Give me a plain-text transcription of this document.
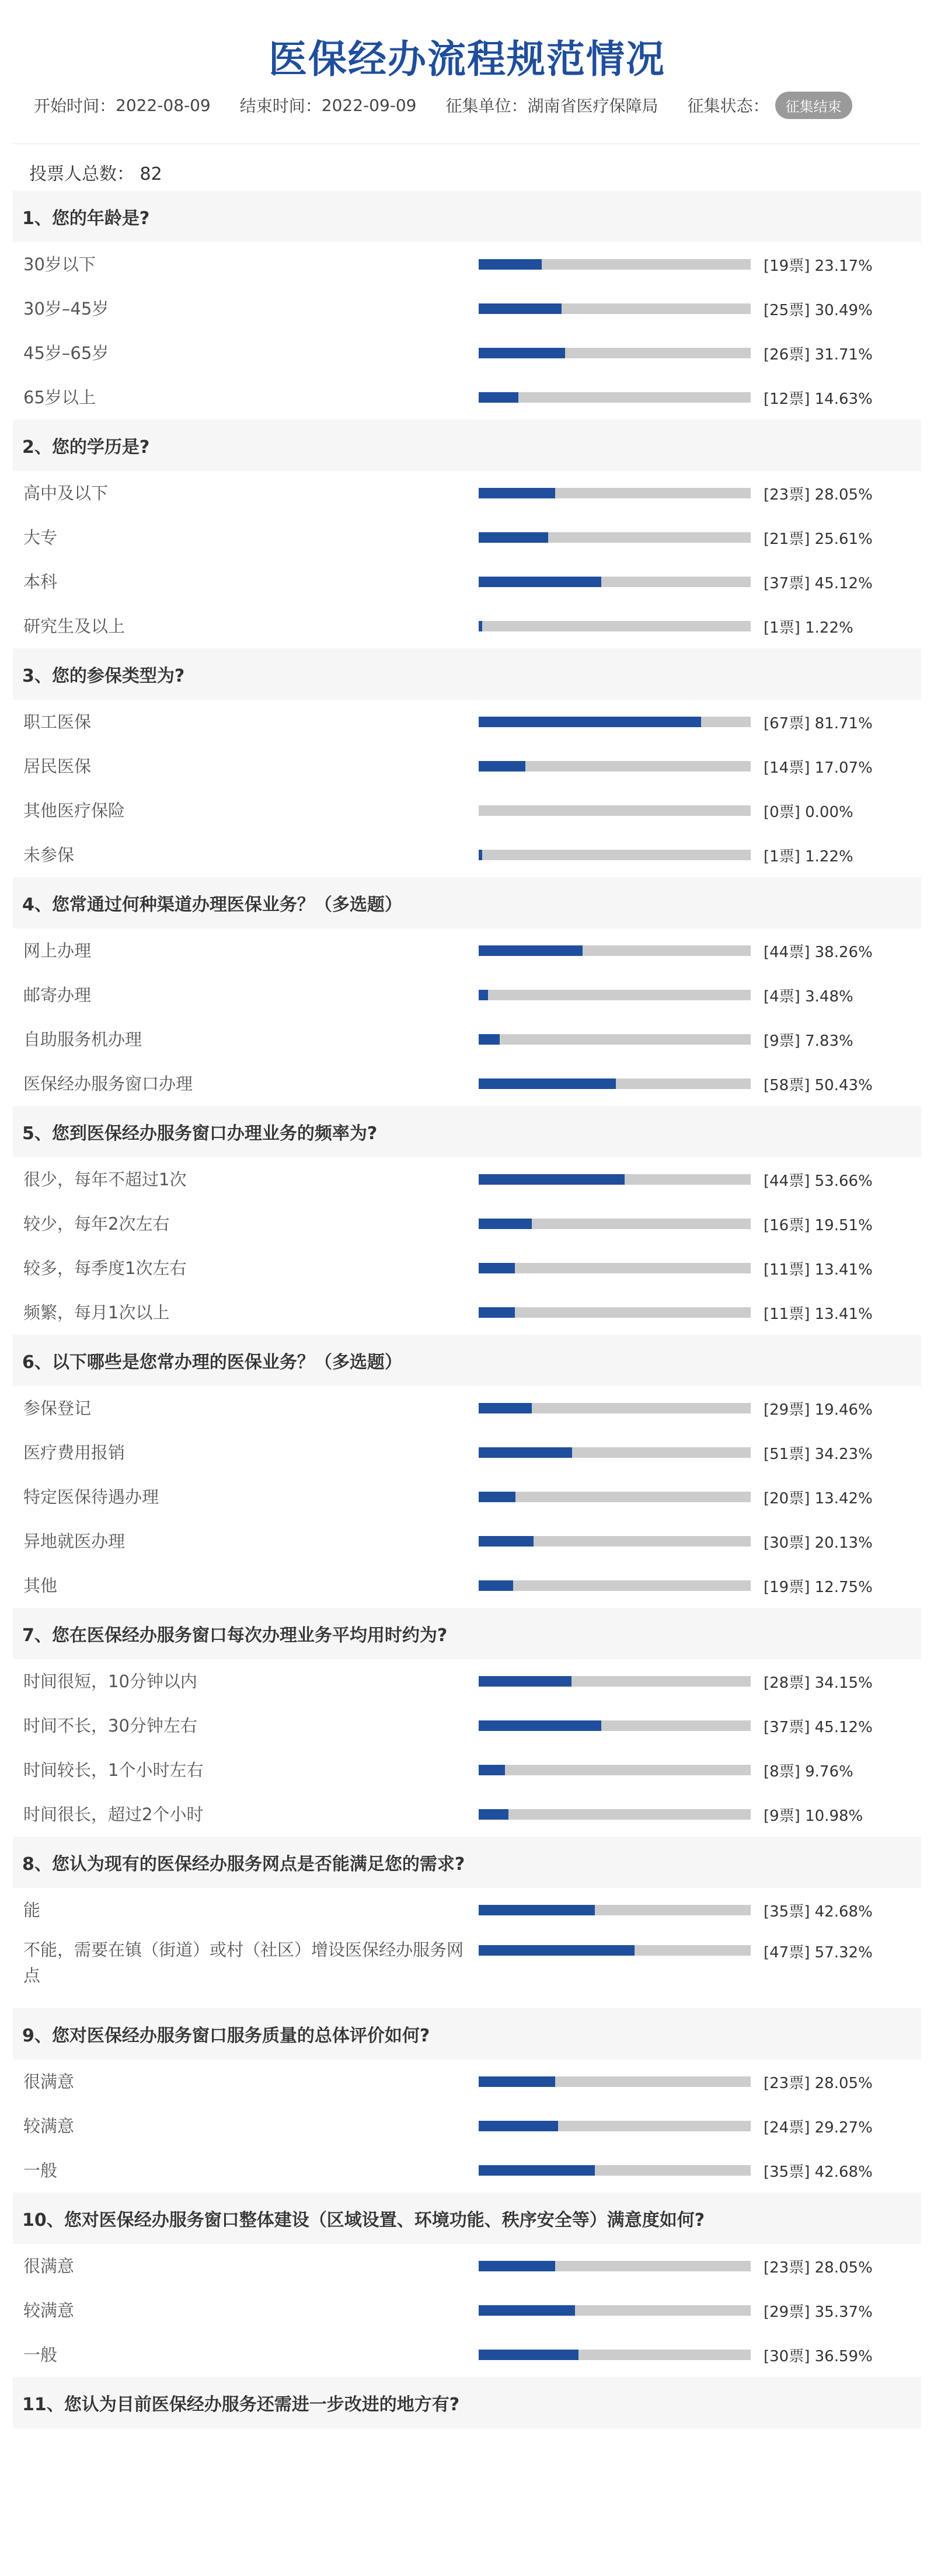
医保经办流程规范情况
开始时间： 2022-08-09 结束时间： 2022-09-09 征集单位： 湖南省医疗保障局 征集状态：	征集结束
投票人总数： 82
1、您的年龄是?
30岁以下	[19票] 23.17%
30岁–45岁	[25票] 30.49%
45岁–65岁	[26票] 31.71%
65岁以上	[12票] 14.63%
2、您的学历是?
高中及以下	[23票] 28.05%
大专	[21票] 25.61%
本科	[37票] 45.12%
研究生及以上	[1票] 1.22%
3、您的参保类型为?
职工医保	[67票] 81.71%
居民医保	[14票] 17.07%
其他医疗保险	[0票] 0.00%
未参保	[1票] 1.22%
4、您常通过何种渠道办理医保业务？（多选题）
网上办理	[44票] 38.26%
邮寄办理	[4票] 3.48%
自助服务机办理	[9票] 7.83%
医保经办服务窗口办理	[58票] 50.43%
5、您到医保经办服务窗口办理业务的频率为?
很少，每年不超过1次	[44票] 53.66%
较少，每年2次左右	[16票] 19.51%
较多，每季度1次左右	[11票] 13.41%
频繁，每月1次以上	[11票] 13.41%
6、以下哪些是您常办理的医保业务？（多选题）
参保登记	[29票] 19.46%
医疗费用报销	[51票] 34.23%
特定医保待遇办理	[20票] 13.42%
异地就医办理	[30票] 20.13%
其他	[19票] 12.75%
7、您在医保经办服务窗口每次办理业务平均用时约为?
时间很短，10分钟以内	[28票] 34.15%
时间不长，30分钟左右	[37票] 45.12%
时间较长，1个小时左右	[8票] 9.76%
时间很长，超过2个小时	[9票] 10.98%
8、您认为现有的医保经办服务网点是否能满足您的需求?
能	[35票] 42.68%
不能，需要在镇（街道）或村（社区）增设医保经办服务网点
[47票] 57.32%
9、您对医保经办服务窗口服务质量的总体评价如何?
很满意	[23票] 28.05%
较满意	[24票] 29.27%
一般	[35票] 42.68%
10、您对医保经办服务窗口整体建设（区域设置、环境功能、秩序安全等）满意度如何?
很满意	[23票] 28.05%
较满意	[29票] 35.37%
一般	[30票] 36.59%
11、您认为目前医保经办服务还需进一步改进的地方有?
